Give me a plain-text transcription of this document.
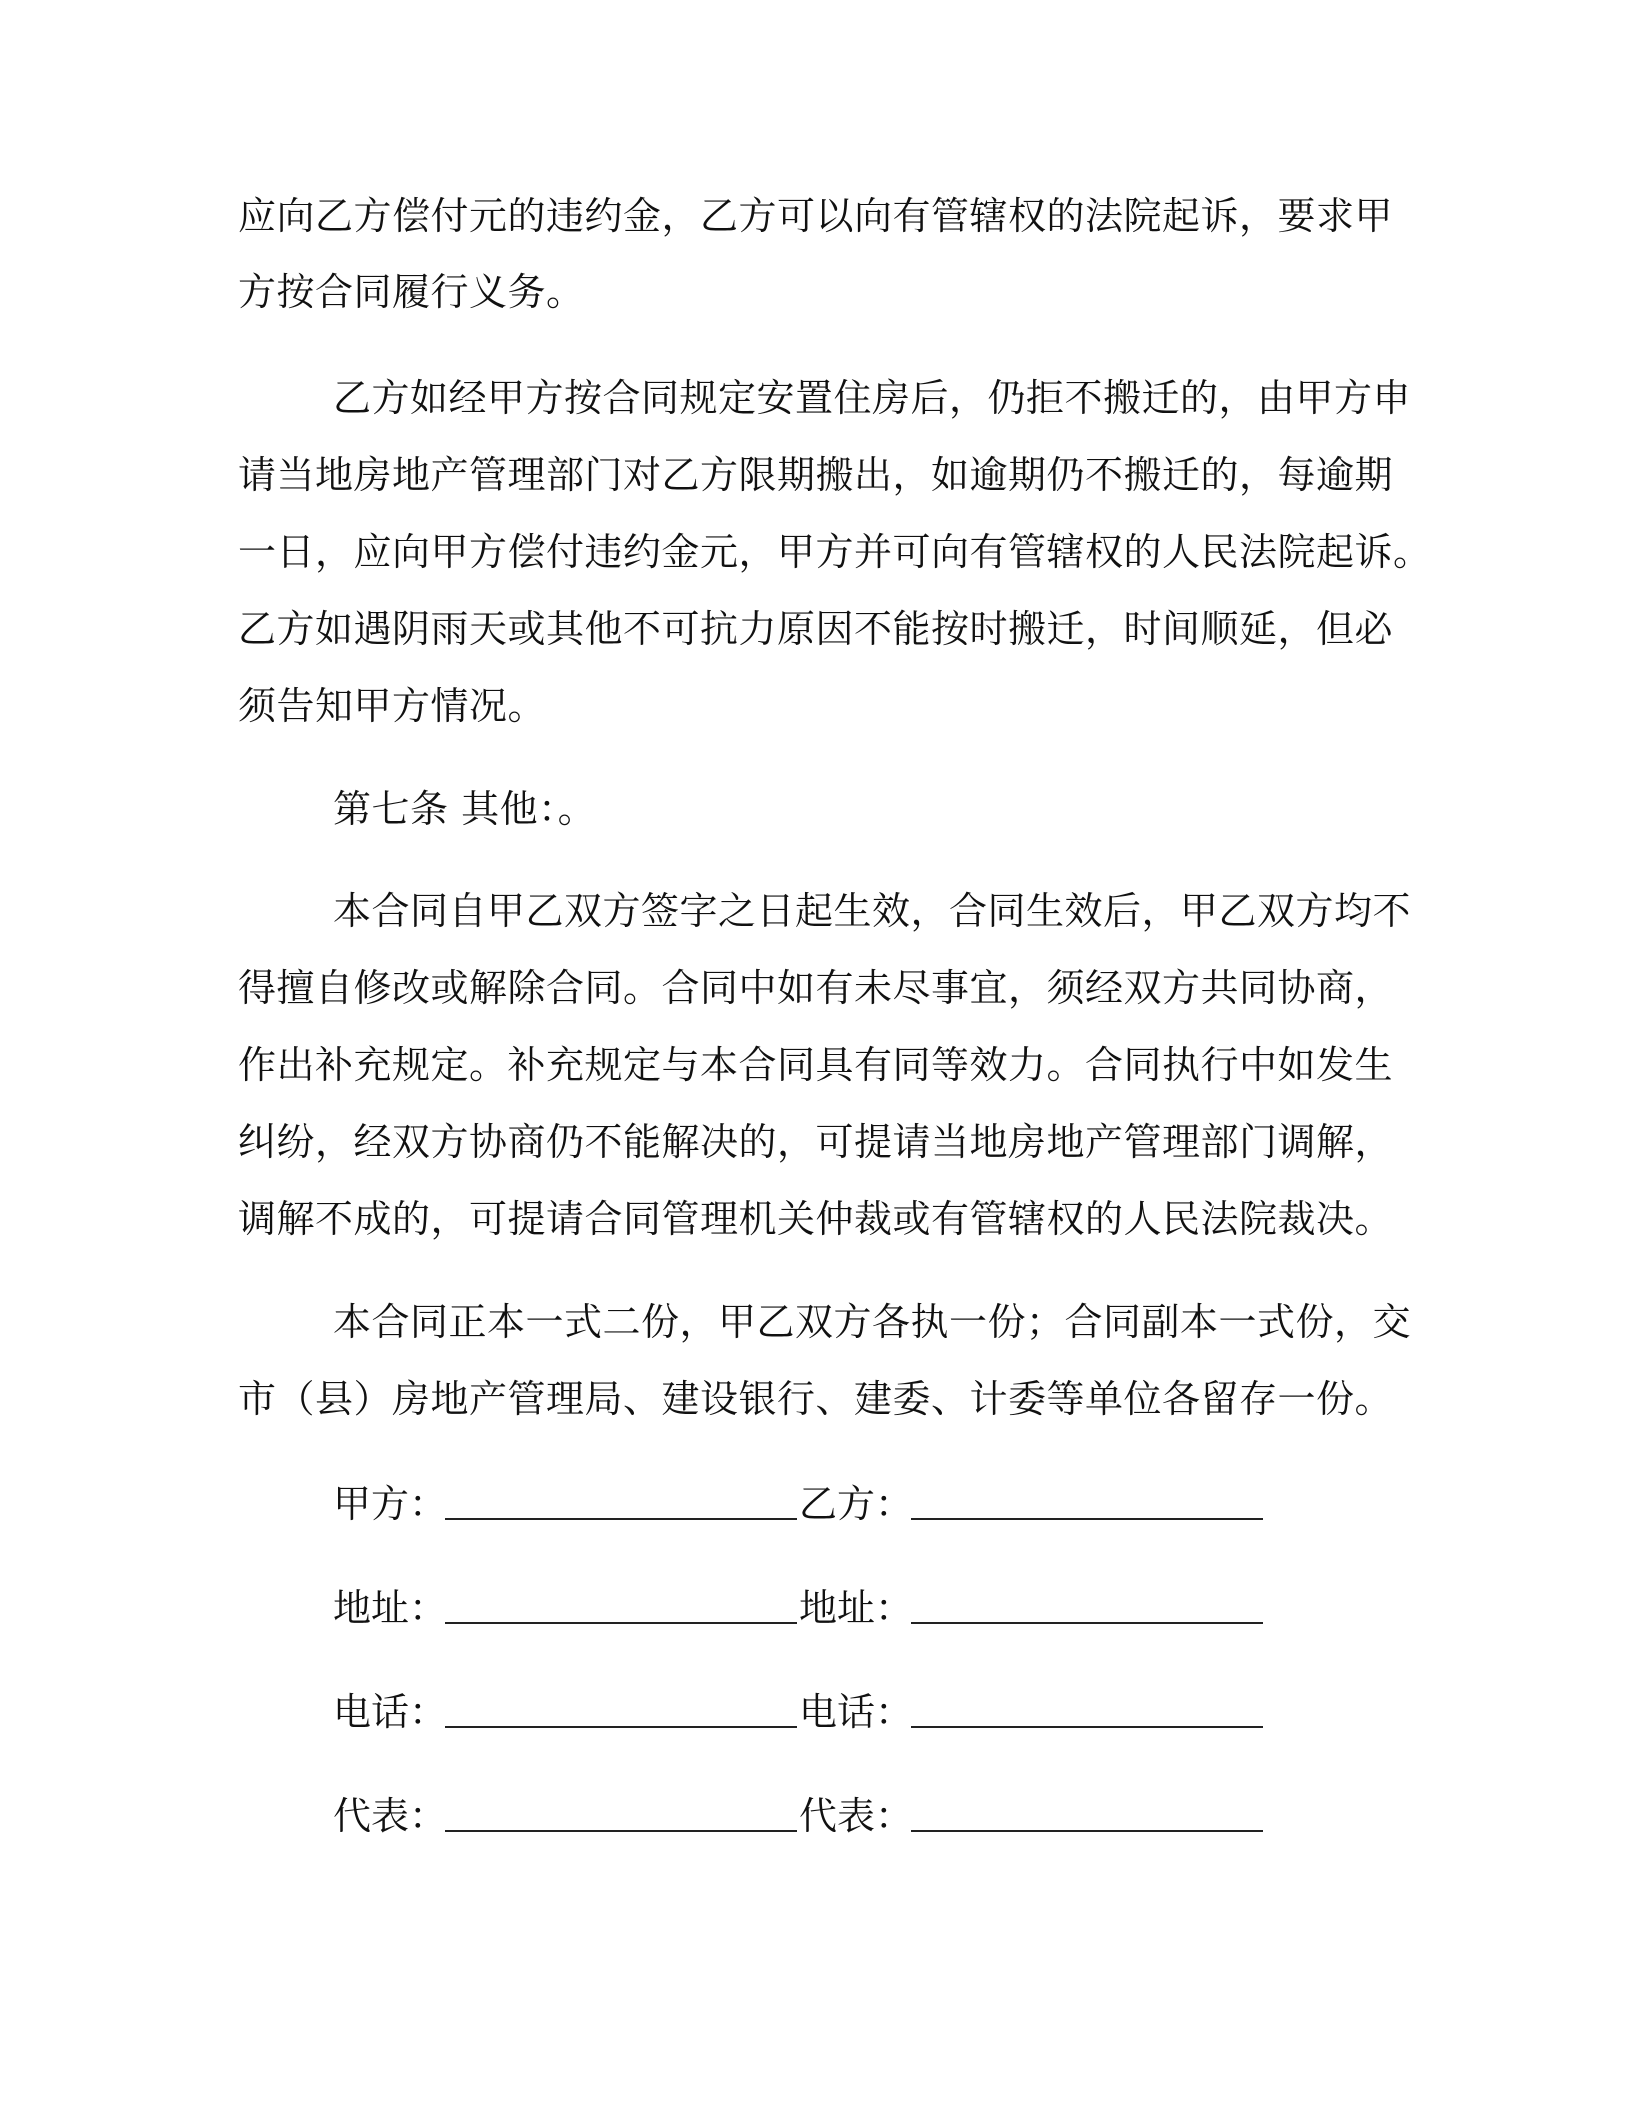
应向乙方偿付元的违约金，乙方可以向有管辖权的法院起诉，要求甲
方按合同履行义务。
乙方如经甲方按合同规定安置住房后，仍拒不搬迁的，由甲方申
请当地房地产管理部门对乙方限期搬出，如逾期仍不搬迁的，每逾期
一日，应向甲方偿付违约金元，甲方并可向有管辖权的人民法院起诉。
乙方如遇阴雨天或其他不可抗力原因不能按时搬迁，时间顺延，但必
须告知甲方情况。
第七条 其他：。
本合同自甲乙双方签字之日起生效，合同生效后，甲乙双方均不
得擅自修改或解除合同。合同中如有未尽事宜，须经双方共同协商，
作出补充规定。补充规定与本合同具有同等效力。合同执行中如发生
纠纷，经双方协商仍不能解决的，可提请当地房地产管理部门调解，
调解不成的，可提请合同管理机关仲裁或有管辖权的人民法院裁决。
本合同正本一式二份，甲乙双方各执一份；合同副本一式份，交
市（县）房地产管理局、建设银行、建委、计委等单位各留存一份。
甲方：	乙方：
地址：	地址：
电话：	电话：
代表：	代表：
